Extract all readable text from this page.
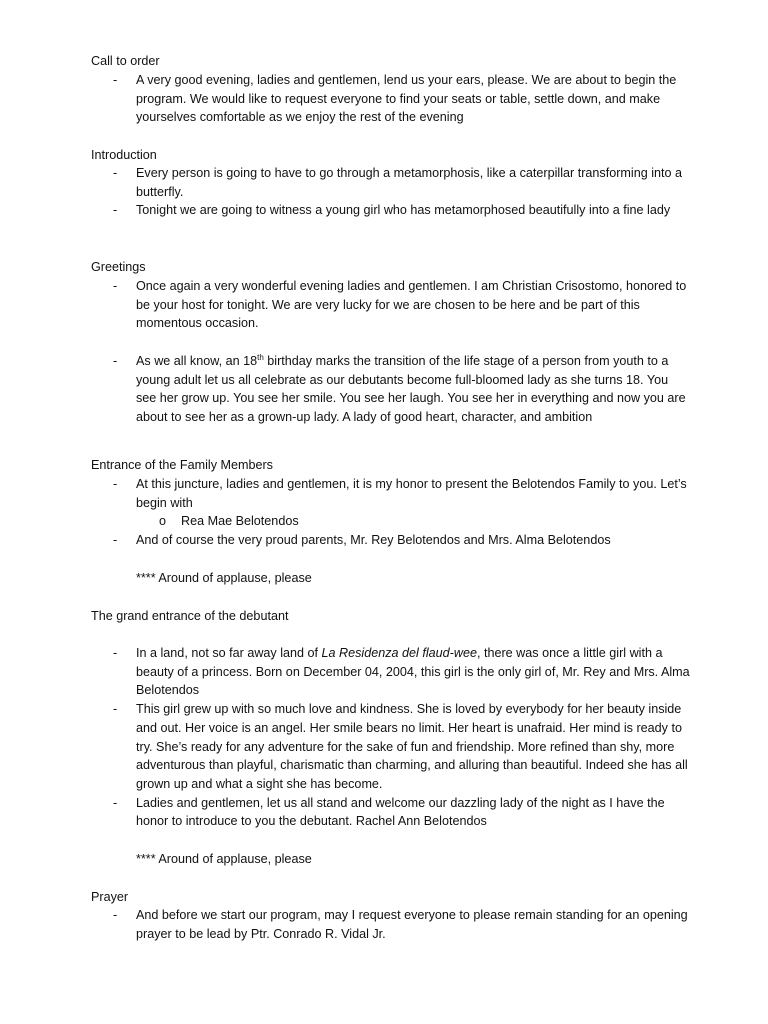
Call to order
- A very good evening, ladies and gentlemen, lend us your ears, please. We are about to begin the program. We would like to request everyone to find your seats or table, settle down, and make yourselves comfortable as we enjoy the rest of the evening
Introduction
- Every person is going to have to go through a metamorphosis, like a caterpillar transforming into a butterfly.
- Tonight we are going to witness a young girl who has metamorphosed beautifully into a fine lady
Greetings
- Once again a very wonderful evening ladies and gentlemen. I am Christian Crisostomo, honored to be your host for tonight. We are very lucky for we are chosen to be here and be part of this momentous occasion.
- As we all know, an 18th birthday marks the transition of the life stage of a person from youth to a young adult let us all celebrate as our debutants become full-bloomed lady as she turns 18. You see her grow up. You see her smile. You see her laugh. You see her in everything and now you are about to see her as a grown-up lady. A lady of good heart, character, and ambition
Entrance of the Family Members
- At this juncture, ladies and gentlemen, it is my honor to present the Belotendos Family to you. Let’s begin with
o Rea Mae Belotendos
- And of course the very proud parents, Mr. Rey Belotendos and Mrs. Alma Belotendos
**** Around of applause, please
The grand entrance of the debutant
- In a land, not so far away land of La Residenza del flaud-wee, there was once a little girl with a beauty of a princess. Born on December 04, 2004, this girl is the only girl of, Mr. Rey and Mrs. Alma Belotendos
- This girl grew up with so much love and kindness. She is loved by everybody for her beauty inside and out. Her voice is an angel. Her smile bears no limit. Her heart is unafraid. Her mind is ready to try. She’s ready for any adventure for the sake of fun and friendship. More refined than shy, more adventurous than playful, charismatic than charming, and alluring than beautiful. Indeed she has all grown up and what a sight she has become.
- Ladies and gentlemen, let us all stand and welcome our dazzling lady of the night as I have the honor to introduce to you the debutant. Rachel Ann Belotendos
**** Around of applause, please
Prayer
- And before we start our program, may I request everyone to please remain standing for an opening prayer to be lead by Ptr. Conrado R. Vidal Jr.
